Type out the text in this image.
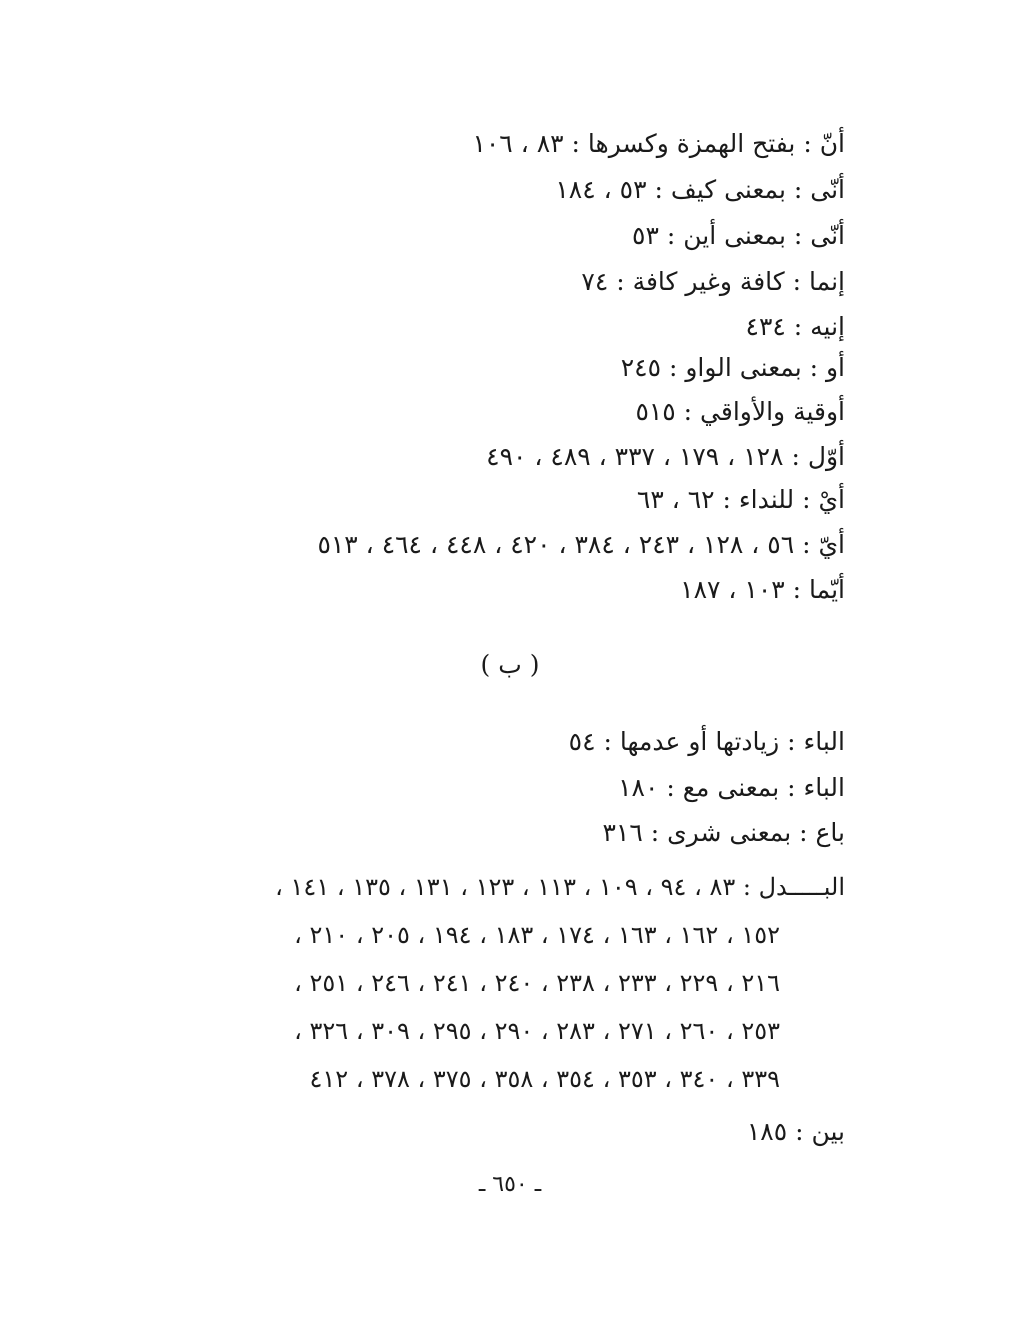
أنّ : بفتح الهمزة وكسرها : ٨٣ ، ١٠٦
أنّى : بمعنى كيف : ٥٣ ، ١٨٤
أنّى : بمعنى أين : ٥٣
إنما : كافة وغير كافة : ٧٤
إنيه : ٤٣٤
أو : بمعنى الواو : ٢٤٥
أوقية والأواقي : ٥١٥
أوّل : ١٢٨ ، ١٧٩ ، ٣٣٧ ، ٤٨٩ ، ٤٩٠
أيْ : للنداء : ٦٢ ، ٦٣
أيّ : ٥٦ ، ١٢٨ ، ٢٤٣ ، ٣٨٤ ، ٤٢٠ ، ٤٤٨ ، ٤٦٤ ، ٥١٣
أيّما : ١٠٣ ، ١٨٧
( ب )
الباء : زيادتها أو عدمها : ٥٤
الباء : بمعنى مع : ١٨٠
باع : بمعنى شرى : ٣١٦
البـــــدل : ٨٣ ، ٩٤ ، ١٠٩ ، ١١٣ ، ١٢٣ ، ١٣١ ، ١٣٥ ، ١٤١ ،
١٥٢ ، ١٦٢ ، ١٦٣ ، ١٧٤ ، ١٨٣ ، ١٩٤ ، ٢٠٥ ، ٢١٠ ،
٢١٦ ، ٢٢٩ ، ٢٣٣ ، ٢٣٨ ، ٢٤٠ ، ٢٤١ ، ٢٤٦ ، ٢٥١ ،
٢٥٣ ، ٢٦٠ ، ٢٧١ ، ٢٨٣ ، ٢٩٠ ، ٢٩٥ ، ٣٠٩ ، ٣٢٦ ،
٣٣٩ ، ٣٤٠ ، ٣٥٣ ، ٣٥٤ ، ٣٥٨ ، ٣٧٥ ، ٣٧٨ ، ٤١٢
بين : ١٨٥
ـ ٦٥٠ ـ
